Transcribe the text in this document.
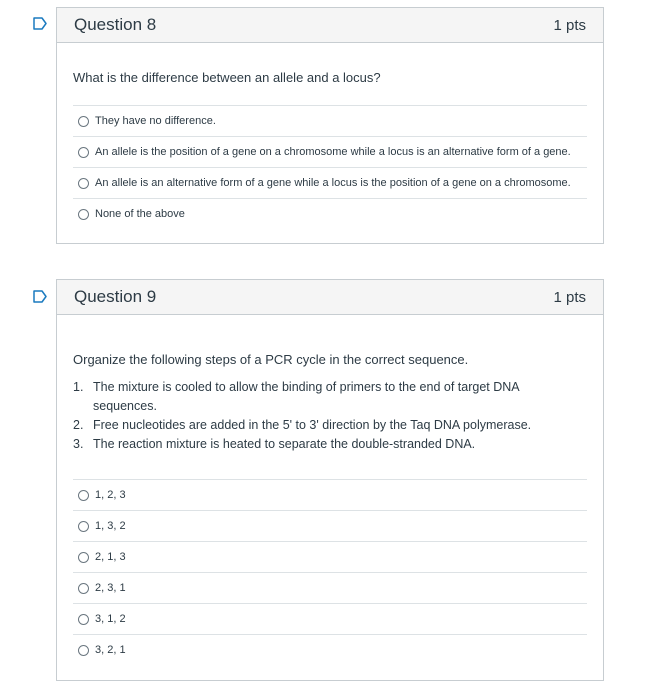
Question 8	1 pts
What is the difference between an allele and a locus?
They have no difference.
An allele is the position of a gene on a chromosome while a locus is an alternative form of a gene.
An allele is an alternative form of a gene while a locus is the position of a gene on a chromosome.
None of the above
Question 9	1 pts
Organize the following steps of a PCR cycle in the correct sequence.
1. The mixture is cooled to allow the binding of primers to the end of target DNA sequences.
2. Free nucleotides are added in the 5' to 3' direction by the Taq DNA polymerase.
3. The reaction mixture is heated to separate the double-stranded DNA.
1, 2, 3
1, 3, 2
2, 1, 3
2, 3, 1
3, 1, 2
3, 2, 1
